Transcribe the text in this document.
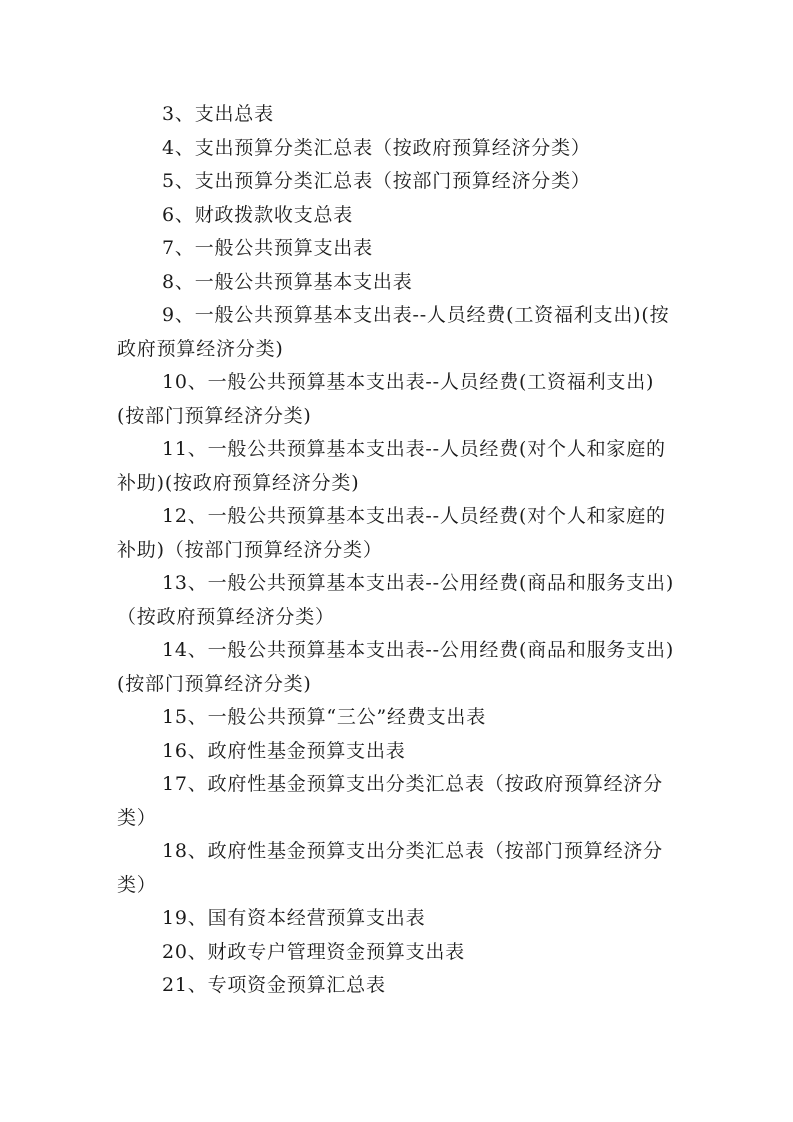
3、支出总表

4、支出预算分类汇总表（按政府预算经济分类）

5、支出预算分类汇总表（按部门预算经济分类）

6、财政拨款收支总表

7、一般公共预算支出表

8、一般公共预算基本支出表

9、一般公共预算基本支出表--人员经费(工资福利支出)(按政府预算经济分类)

10、一般公共预算基本支出表--人员经费(工资福利支出)(按部门预算经济分类)

11、一般公共预算基本支出表--人员经费(对个人和家庭的补助)(按政府预算经济分类)

12、一般公共预算基本支出表--人员经费(对个人和家庭的补助)（按部门预算经济分类）

13、一般公共预算基本支出表--公用经费(商品和服务支出)（按政府预算经济分类）

14、一般公共预算基本支出表--公用经费(商品和服务支出)(按部门预算经济分类)

15、一般公共预算“三公”经费支出表

16、政府性基金预算支出表

17、政府性基金预算支出分类汇总表（按政府预算经济分类）

18、政府性基金预算支出分类汇总表（按部门预算经济分类）

19、国有资本经营预算支出表

20、财政专户管理资金预算支出表

21、专项资金预算汇总表
